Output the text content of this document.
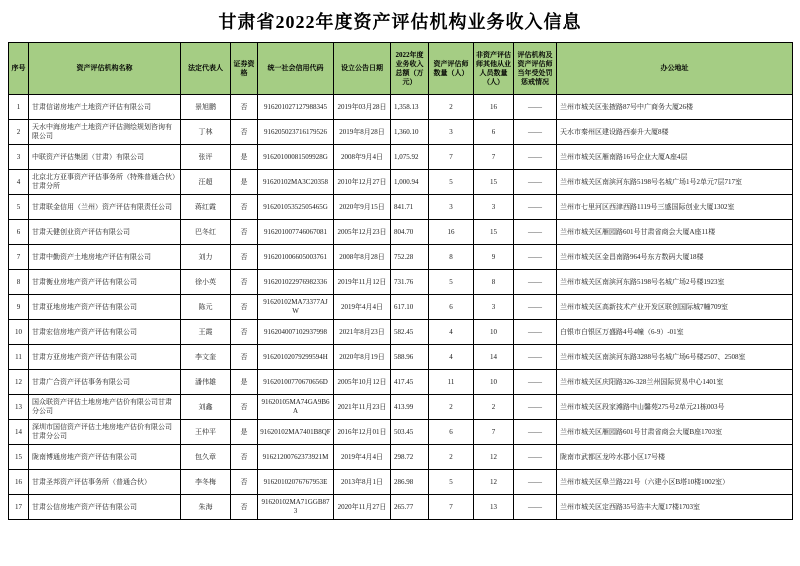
甘肃省2022年度资产评估机构业务收入信息
序号	资产评估机构名称	法定代表人	证券资格	统一社会信用代码	设立公告日期	2022年度业务收入总额（万元）	资产评估师数量（人）	非资产评估师其他从业人员数量（人）	评估机构及资产评估师当年受处罚惩戒情况	办公地址
1	甘肃信诺房地产土地资产评估有限公司	景旭鹏	否	916201027127988345	2019年03月28日	1,358.13	2	16	——	兰州市城关区张掖路87号中广商务大厦26楼
2	天水中海房地产土地资产评估测绘规划咨询有限公司	丁林	否	916205023716179526	2019年8月28日	1,360.10	3	6	——	天水市秦州区建设路西泰升大厦8楼
3	中联资产评估集团（甘肃）有限公司	张评	是	91620100081509928G	2008年9月4日	1,075.92	7	7	——	兰州市城关区雁南路16号企业大厦A座4层
4	北京北方亚事资产评估事务所（特殊普通合伙）甘肃分所	汪超	是	91620102MA3C20358	2010年12月27日	1,000.94	5	15	——	兰州市城关区南滨河东路5198号名城广场1号2单元7层717室
5	甘肃联金信用（兰州）资产评估有限责任公司	蒋红霞	否	91620105352505465G	2020年9月15日	841.71	3	3	——	兰州市七里河区西津西路1119号三盛国际创业大厦1302室
6	甘肃天健创业资产评估有限公司	巴冬红	否	916201007746067081	2005年12月23日	804.70	16	15	——	兰州市城关区雁园路601号甘肃省商会大厦A座11楼
7	甘肃中勤资产土地房地产评估有限公司	刘力	否	916201006605003761	2008年8月28日	752.28	8	9	——	兰州市城关区金昌南路964号东方数码大厦18楼
8	甘肃衡业房地产资产评估有限公司	徐小英	否	916201022976982336	2019年11月12日	731.76	5	8	——	兰州市城关区南滨河东路5198号名城广场2号楼1923室
9	甘肃亚地房地产资产评估有限公司	陈元	否	91620102MA73377AJW	2019年4月4日	617.10	6	3	——	兰州市城关区高新技术产业开发区联创国际城7幢709室
10	甘肃宏信房地产资产评估有限公司	王霞	否	916204007102937998	2021年8月23日	582.45	4	10	——	白银市白银区万盛路4号4幢（6-9）-01室
11	甘肃方亚房地产资产评估有限公司	李文奎	否	91620102079299594H	2020年8月19日	588.96	4	14	——	兰州市城关区南滨河东路3288号名城广场6号楼2507、2508室
12	甘肃广合资产评估事务有限公司	潘伟雄	是	91620100770670656D	2005年10月12日	417.45	11	10	——	兰州市城关区庆阳路326-328兰州国际贸易中心1401室
13	国众联资产评估土地房地产估价有限公司甘肃分公司	刘鑫	否	91620105MA74GA9B6A	2021年11月23日	413.99	2	2	——	兰州市城关区段家滩路中山馨苑275号2单元21栋003号
14	深圳市国信资产评估土地房地产估价有限公司甘肃分公司	王仲平	是	91620102MA7401B8QF	2016年12月01日	503.45	6	7	——	兰州市城关区雁园路601号甘肃省商会大厦B座1703室
15	陇南博通房地产资产评估有限公司	包久章	否	91621200762373921M	2019年4月4日	298.72	2	12	——	陇南市武都区龙吟水郡小区17号楼
16	甘肃圣邦资产评估事务所（普通合伙）	李冬梅	否	91620102076767953E	2013年8月1日	286.98	5	12	——	兰州市城关区皋兰路221号（六建小区B塔10楼1002室）
17	甘肃公信房地产资产评估有限公司	朱海	否	91620102MA71GGB873	2020年11月27日	265.77	7	13	——	兰州市城关区定西路35号浩丰大厦17楼1703室
